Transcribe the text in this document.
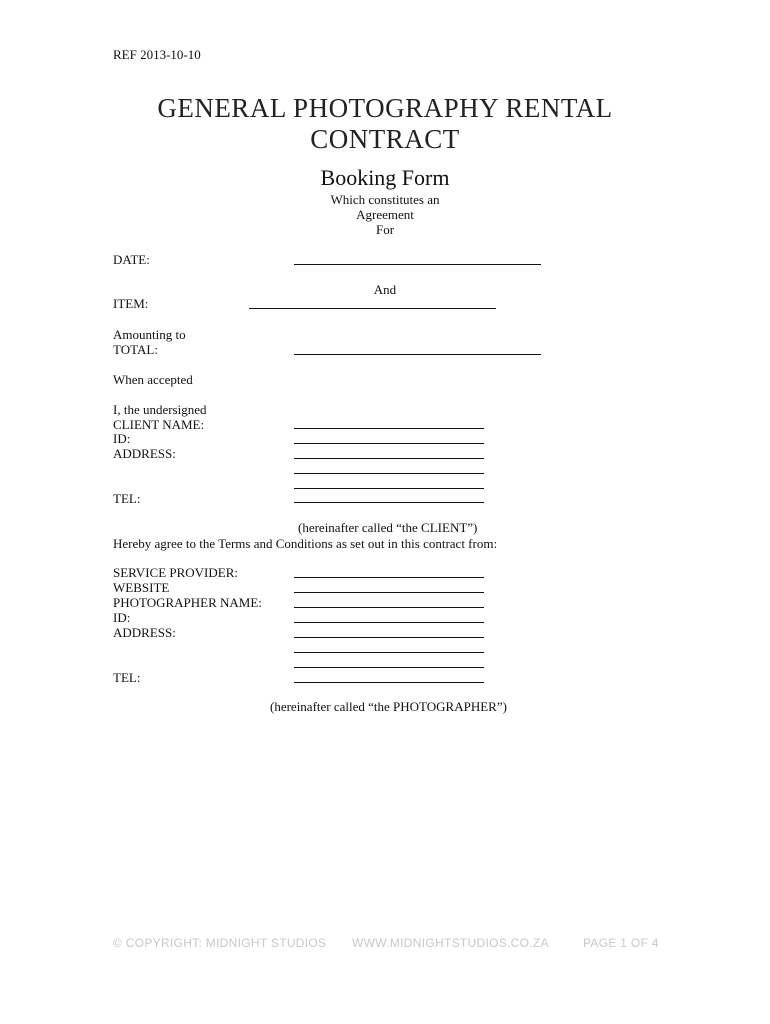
REF 2013-10-10
GENERAL PHOTOGRAPHY RENTAL
CONTRACT
Booking Form
Which constitutes an
Agreement
For
DATE:
And
ITEM:
Amounting to
TOTAL:
When accepted
I, the undersigned
CLIENT NAME:
ID:
ADDRESS:
TEL:
(hereinafter called “the CLIENT”)
Hereby agree to the Terms and Conditions as set out in this contract from:
SERVICE PROVIDER:
WEBSITE
PHOTOGRAPHER NAME:
ID:
ADDRESS:
TEL:
(hereinafter called “the PHOTOGRAPHER”)
© COPYRIGHT: MIDNIGHT STUDIOS WWW.MIDNIGHTSTUDIOS.CO.ZA	PAGE 1 OF 4
